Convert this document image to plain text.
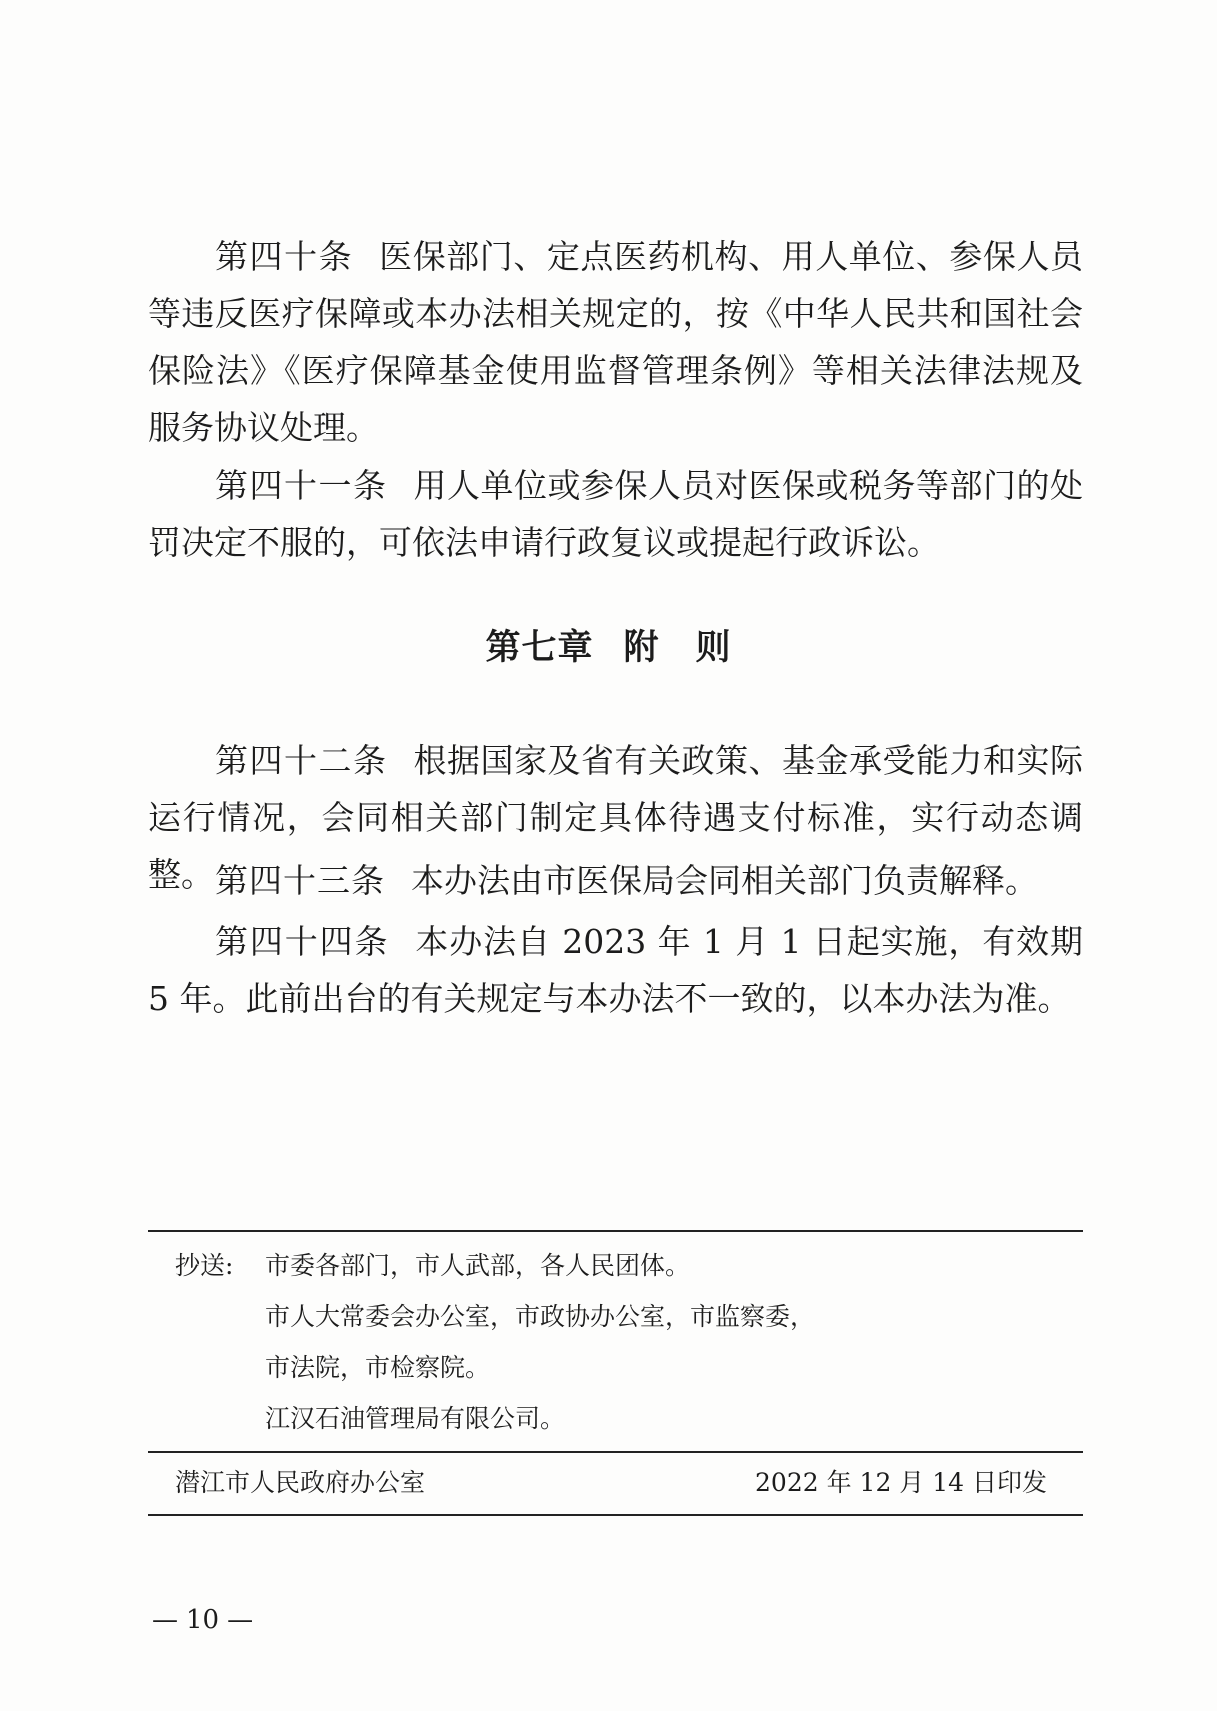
第四十条 医保部门、定点医药机构、用人单位、参保人员等违反医疗保障或本办法相关规定的，按《中华人民共和国社会保险法》《医疗保障基金使用监督管理条例》等相关法律法规及服务协议处理。

第四十一条 用人单位或参保人员对医保或税务等部门的处罚决定不服的，可依法申请行政复议或提起行政诉讼。

第七章 附　则

第四十二条 根据国家及省有关政策、基金承受能力和实际运行情况，会同相关部门制定具体待遇支付标准，实行动态调整。 第四十三条 本办法由市医保局会同相关部门负责解释。

第四十四条 本办法自 2023 年 1 月 1 日起实施，有效期 5 年。此前出台的有关规定与本办法不一致的，以本办法为准。

抄送: 市委各部门，市人武部，各人民团体。
市人大常委会办公室，市政协办公室，市监察委，
市法院，市检察院。
江汉石油管理局有限公司。
潜江市人民政府办公室	2022 年 12 月 14 日印发
— 10 —
